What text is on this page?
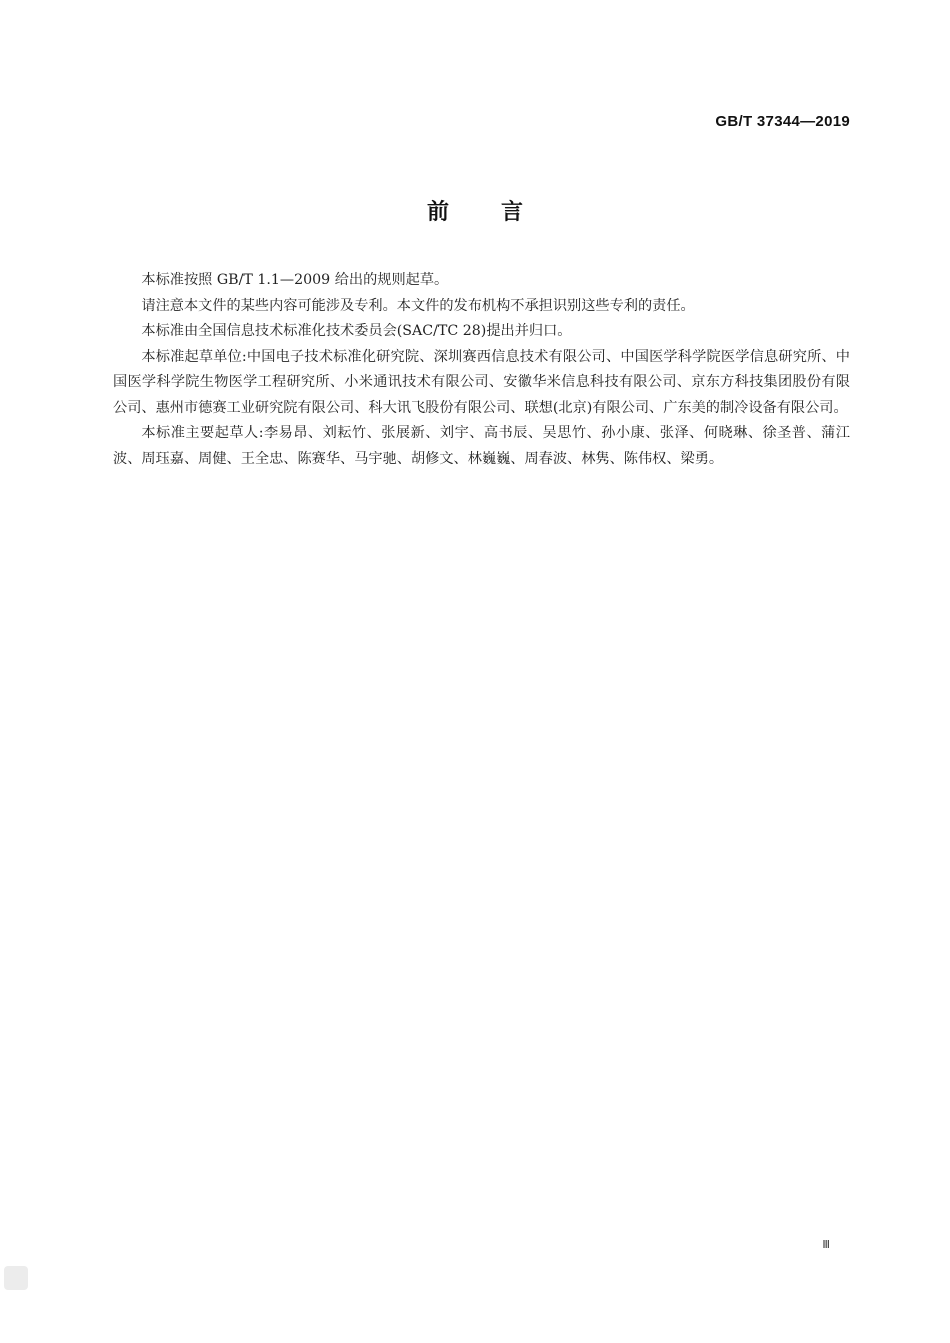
GB/T 37344—2019
前言

本标准按照 GB/T 1.1—2009 给出的规则起草。

请注意本文件的某些内容可能涉及专利。本文件的发布机构不承担识别这些专利的责任。

本标准由全国信息技术标准化技术委员会(SAC/TC 28)提出并归口。

本标准起草单位:中国电子技术标准化研究院、深圳赛西信息技术有限公司、中国医学科学院医学信息研究所、中国医学科学院生物医学工程研究所、小米通讯技术有限公司、安徽华米信息科技有限公司、京东方科技集团股份有限公司、惠州市德赛工业研究院有限公司、科大讯飞股份有限公司、联想(北京)有限公司、广东美的制冷设备有限公司。

本标准主要起草人:李易昂、刘耘竹、张展新、刘宇、高书辰、吴思竹、孙小康、张泽、何晓琳、徐圣普、蒲江波、周珏嘉、周健、王全忠、陈赛华、马宇驰、胡修文、林巍巍、周春波、林隽、陈伟权、梁勇。

Ⅲ
